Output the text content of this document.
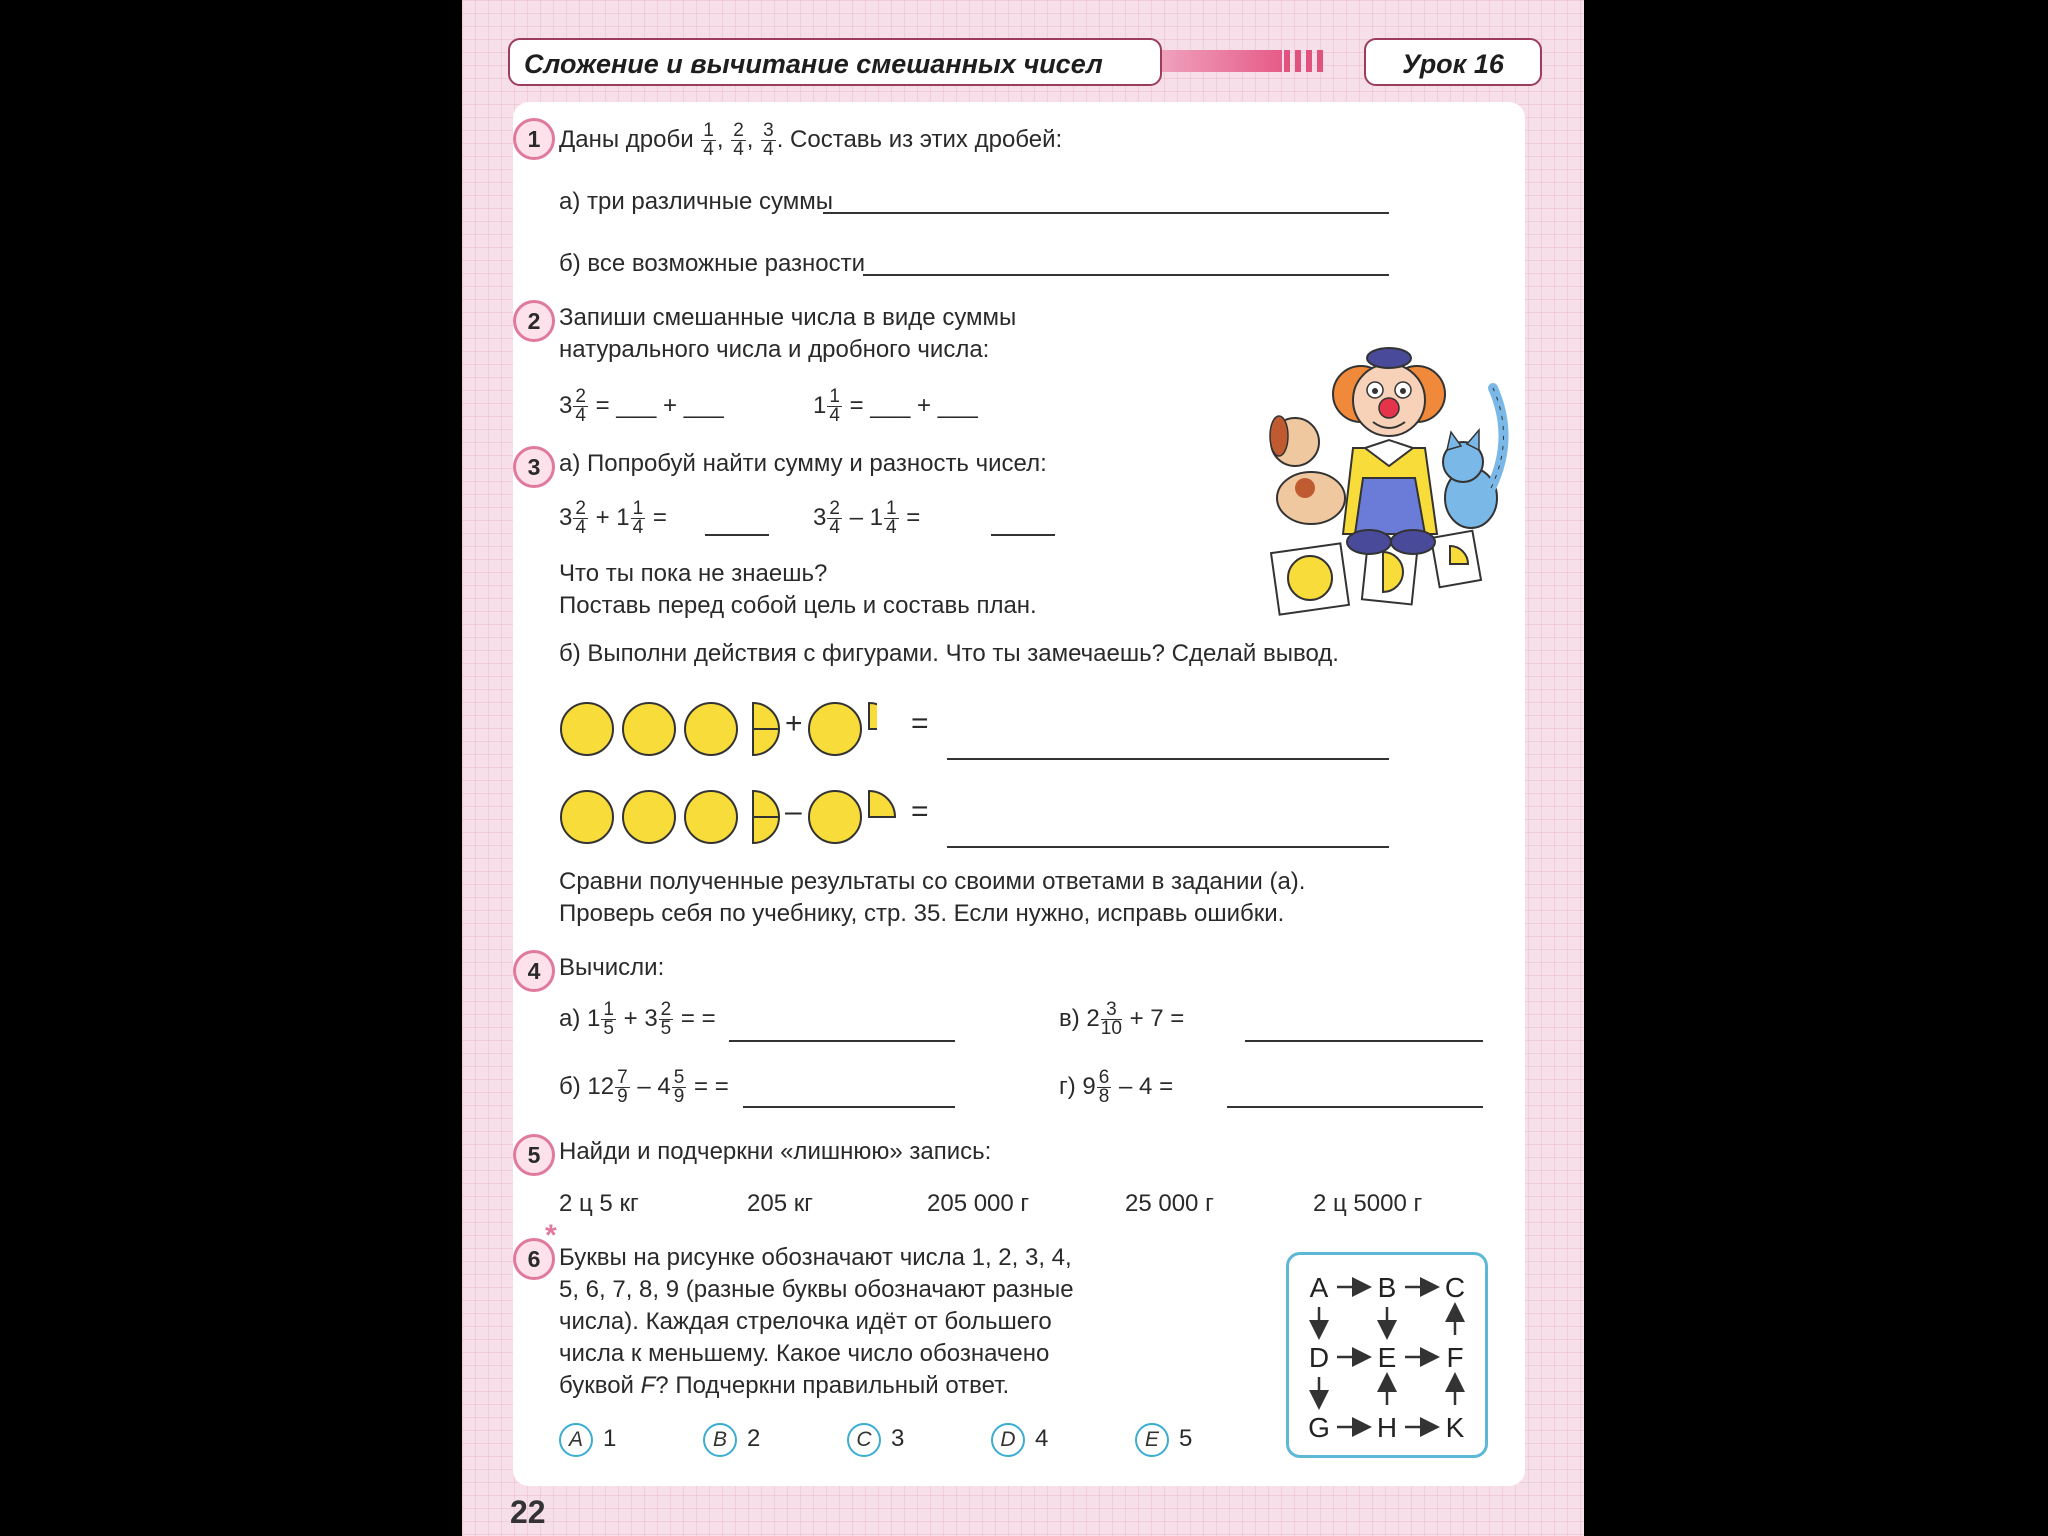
Сложение и вычитание смешанных чисел	Урок 16
1 Даны дроби $\frac{1}{4}$ , $\frac{2}{4}$ , $\frac{3}{4}$ . Составь из этих дробей:
а) три различные суммы
б) все возможные разности
2 Запиши смешанные числа в виде суммы
натурального числа и дробного числа:
$3 \frac{2}{4}$ = ___ + ___	$1 \frac{1}{4}$ = ___ + ___
3 а) Попробуй найти сумму и разность чисел:
$3 \frac{2}{4} + 1 \frac{1}{4}$ =	$3 \frac{2}{4} - 1 \frac{1}{4}$ =
Что ты пока не знаешь?
Поставь перед собой цель и составь план.
б) Выполни действия с фигурами. Что ты замечаешь? Сделай вывод.
+	=
–	=
Сравни полученные результаты со своими ответами в задании (а).
Проверь себя по учебнику, стр. 35. Если нужно, исправь ошибки.
4 Вычисли:
а) $1 \frac{1}{5} + 3 \frac{2}{5}$ = =	в) $2 \frac{3}{10} + 7$ =
б) $12 \frac{7}{9} - 4 \frac{5}{9}$ = =	г) $9 \frac{6}{8} - 4$ =
5 Найди и подчеркни «лишнюю» запись:
2 ц 5 кг	205 кг	205 000 г	25 000 г	2 ц 5000 г
6
*
Буквы на рисунке обозначают числа 1, 2, 3, 4,
5, 6, 7, 8, 9 (разные буквы обозначают разные
числа). Каждая стрелочка идёт от большего
числа к меньшему. Какое число обозначено
буквой F? Подчеркни правильный ответ.
A 1	B 2	C 3	D 4	E 5
A B C
D E F
G H K
22
